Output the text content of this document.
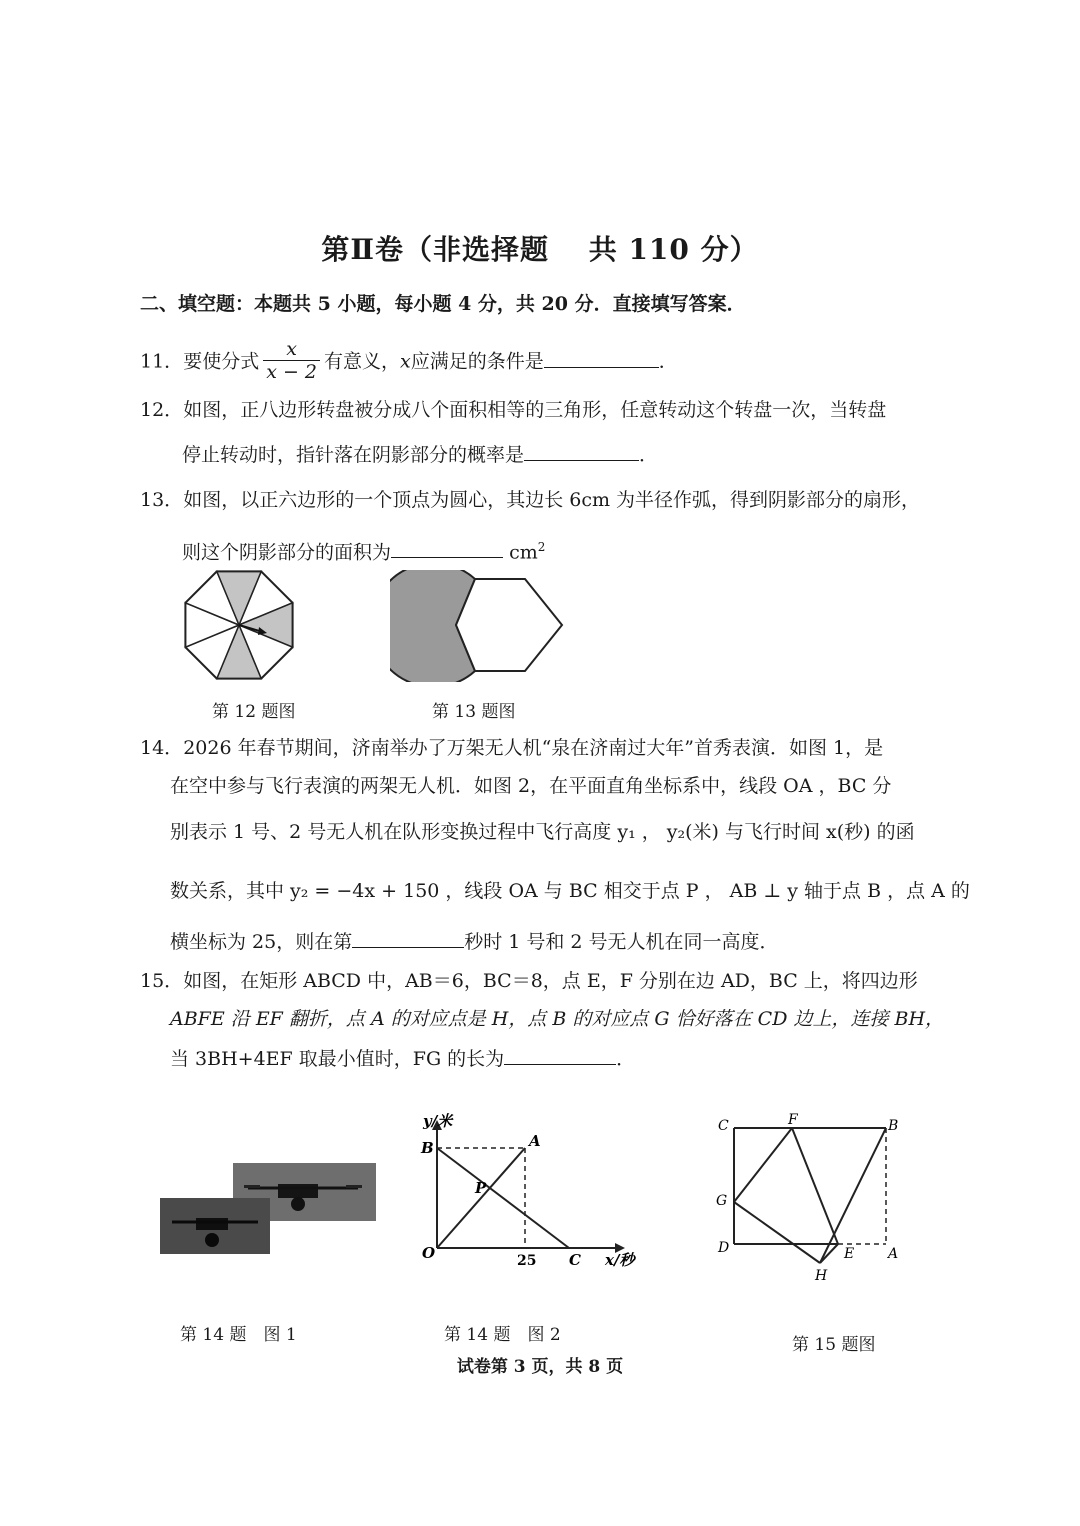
第Ⅱ卷（非选择题　 共 110 分）
二、填空题：本题共 5 小题，每小题 4 分，共 20 分．直接填写答案．
11．要使分式 $\frac{x}{x - 2}$ 有意义，x应满足的条件是	．
12．如图，正八边形转盘被分成八个面积相等的三角形，任意转动这个转盘一次，当转盘
停止转动时，指针落在阴影部分的概率是	．
13．如图，以正六边形的一个顶点为圆心，其边长 6cm 为半径作弧，得到阴影部分的扇形，
则这个阴影部分的面积为	$cm^2$
第 12 题图	第 13 题图
14．2026 年春节期间，济南举办了万架无人机“泉在济南过大年”首秀表演．如图 1，是
在空中参与飞行表演的两架无人机．如图 2，在平面直角坐标系中，线段 OA ，BC 分
别表示 1 号、2 号无人机在队形变换过程中飞行高度 y₁ ， y₂(米) 与飞行时间 x(秒) 的函
数关系，其中 y₂ = −4x + 150 ，线段 OA 与 BC 相交于点 P ， AB ⊥ y 轴于点 B ，点 A 的
横坐标为 25，则在第	秒时 1 号和 2 号无人机在同一高度．
15．如图，在矩形 ABCD 中，AB＝6，BC＝8，点 E，F 分别在边 AD，BC 上，将四边形
ABFE 沿 EF 翻折，点 A 的对应点是 H，点 B 的对应点 G 恰好落在 CD 边上，连接 BH，
当 3BH+4EF 取最小值时，FG 的长为	．
第 14 题　图 1
y/米
B	A
P
O	25 C x/秒
第 14 题　图 2
C	F	B
G
D	E A
H
第 15 题图
试卷第 3 页，共 8 页
